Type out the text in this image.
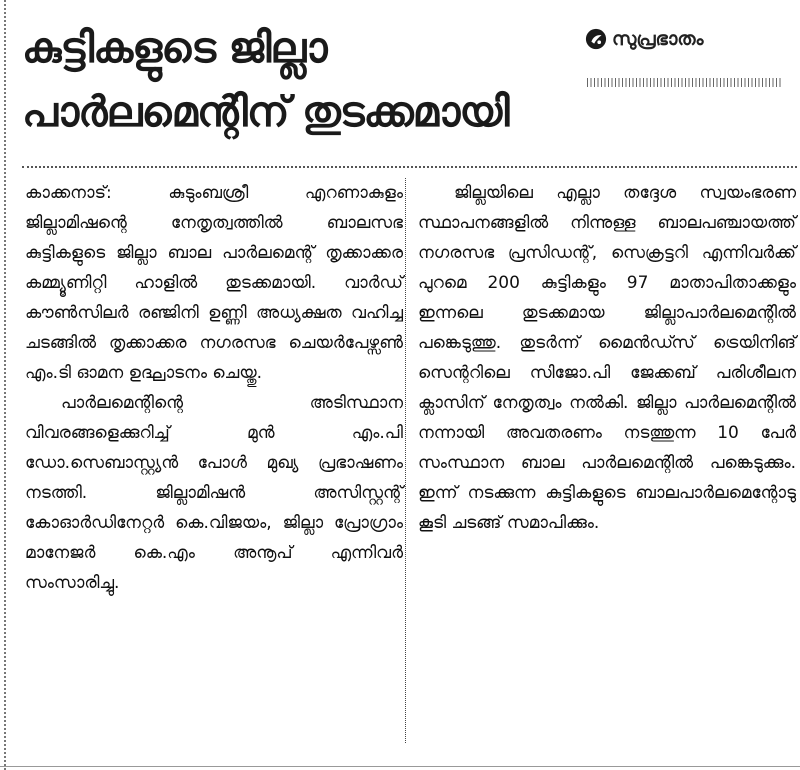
കുട്ടികളുടെ ജില്ലാ പാർലമെന്റിന് തുടക്കമായി
സുപ്രഭാതം

കാക്കനാട്: കുടുംബശ്രീ എറണാകുളം ജില്ലാമിഷന്റെ നേതൃത്വത്തിൽ ബാലസഭ കുട്ടികളുടെ ജില്ലാ ബാല പാർലമെന്റ് തൃക്കാക്കര കമ്മ്യൂണിറ്റി ഹാളിൽ തുടക്കമായി. വാർഡ് കൗൺസിലർ രഞ്ജിനി ഉണ്ണി അധ്യക്ഷത വഹിച്ച ചടങ്ങിൽ തൃക്കാക്കര നഗരസഭ ചെയർപേഴ്സൺ എം.ടി ഓമന ഉദ്ഘാടനം ചെയ്തു.

പാർലമെന്റിന്റെ അടിസ്ഥാന വിവരങ്ങളെക്കുറിച്ച് മുൻ എം.പി ഡോ.സെബാസ്റ്റ്യൻ പോൾ മുഖ്യ പ്രഭാഷണം നടത്തി. ജില്ലാമിഷൻ അസിസ്റ്റന്റ് കോഓർഡിനേറ്റർ കെ.വിജയം, ജില്ലാ പ്രോഗ്രാം മാനേജർ കെ.എം അനൂപ് എന്നിവർ സംസാരിച്ചു.

ജില്ലയിലെ എല്ലാ തദ്ദേശ സ്വയംഭരണ സ്ഥാപനങ്ങളിൽ നിന്നുള്ള ബാലപഞ്ചായത്ത് നഗരസഭ പ്രസിഡന്റ്, സെക്രട്ടറി എന്നിവർക്ക് പുറമെ 200 കുട്ടികളും 97 മാതാപിതാക്കളും ഇന്നലെ തുടക്കമായ ജില്ലാപാർലമെന്റിൽ പങ്കെടുത്തു. തുടർന്ന് മൈൻഡ്സ് ട്രെയിനിങ് സെന്ററിലെ സിജോ.പി ജേക്കബ് പരിശീലന ക്ലാസിന് നേതൃത്വം നൽകി. ജില്ലാ പാർലമെന്റിൽ നന്നായി അവതരണം നടത്തുന്ന 10 പേർ സംസ്ഥാന ബാല പാർലമെന്റിൽ പങ്കെടുക്കും. ഇന്ന് നടക്കുന്ന കുട്ടികളുടെ ബാലപാർലമെന്റോടു കൂടി ചടങ്ങ് സമാപിക്കും.
